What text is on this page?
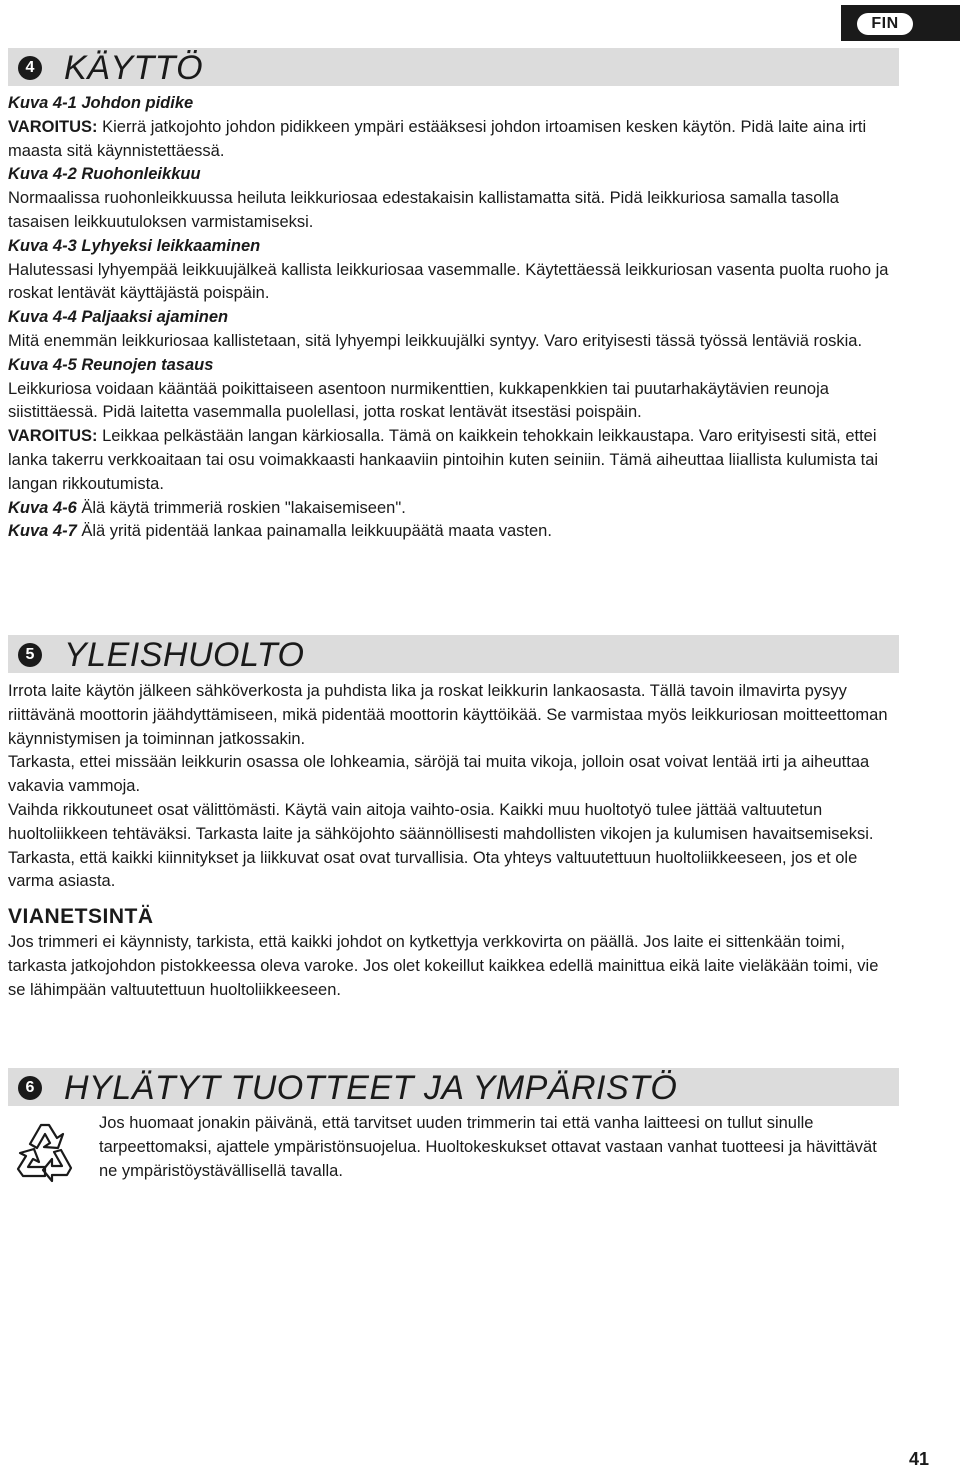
FIN
4 KÄYTTÖ

Kuva 4-1 Johdon pidike

VAROITUS: Kierrä jatkojohto johdon pidikkeen ympäri estääksesi johdon irtoamisen kesken käytön. Pidä laite aina irti maasta sitä käynnistettäessä.

Kuva 4-2 Ruohonleikkuu

Normaalissa ruohonleikkuussa heiluta leikkuriosaa edestakaisin kallistamatta sitä. Pidä leikkuriosa samalla tasolla tasaisen leikkuutuloksen varmistamiseksi.

Kuva 4-3 Lyhyeksi leikkaaminen

Halutessasi lyhyempää leikkuujälkeä kallista leikkuriosaa vasemmalle. Käytettäessä leikkuriosan vasenta puolta ruoho ja roskat lentävät käyttäjästä poispäin.

Kuva 4-4 Paljaaksi ajaminen

Mitä enemmän leikkuriosaa kallistetaan, sitä lyhyempi leikkuujälki syntyy. Varo erityisesti tässä työssä lentäviä roskia.

Kuva 4-5 Reunojen tasaus

Leikkuriosa voidaan kääntää poikittaiseen asentoon nurmikenttien, kukkapenkkien tai puutarhakäytävien reunoja siistittäessä. Pidä laitetta vasemmalla puolellasi, jotta roskat lentävät itsestäsi poispäin.

VAROITUS: Leikkaa pelkästään langan kärkiosalla. Tämä on kaikkein tehokkain leikkaustapa. Varo erityisesti sitä, ettei lanka takerru verkkoaitaan tai osu voimakkaasti hankaaviin pintoihin kuten seiniin. Tämä aiheuttaa liiallista kulumista tai langan rikkoutumista.

Kuva 4-6 Älä käytä trimmeriä roskien "lakaisemiseen".

Kuva 4-7 Älä yritä pidentää lankaa painamalla leikkuupäätä maata vasten.

5 YLEISHUOLTO

Irrota laite käytön jälkeen sähköverkosta ja puhdista lika ja roskat leikkurin lankaosasta. Tällä tavoin ilmavirta pysyy riittävänä moottorin jäähdyttämiseen, mikä pidentää moottorin käyttöikää. Se varmistaa myös leikkuriosan moitteettoman käynnistymisen ja toiminnan jatkossakin.

Tarkasta, ettei missään leikkurin osassa ole lohkeamia, säröjä tai muita vikoja, jolloin osat voivat lentää irti ja aiheuttaa vakavia vammoja.

Vaihda rikkoutuneet osat välittömästi. Käytä vain aitoja vaihto-osia. Kaikki muu huoltotyö tulee jättää valtuutetun huoltoliikkeen tehtäväksi. Tarkasta laite ja sähköjohto säännöllisesti mahdollisten vikojen ja kulumisen havaitsemiseksi. Tarkasta, että kaikki kiinnitykset ja liikkuvat osat ovat turvallisia. Ota yhteys valtuutettuun huoltoliikkeeseen, jos et ole varma asiasta.

VIANETSINTÄ

Jos trimmeri ei käynnisty, tarkista, että kaikki johdot on kytkettyja verkkovirta on päällä. Jos laite ei sittenkään toimi, tarkasta jatkojohdon pistokkeessa oleva varoke. Jos olet kokeillut kaikkea edellä mainittua eikä laite vieläkään toimi, vie se lähimpään valtuutettuun huoltoliikkeeseen.

6 HYLÄTYT TUOTTEET JA YMPÄRISTÖ

Jos huomaat jonakin päivänä, että tarvitset uuden trimmerin tai että vanha laitteesi on tullut sinulle tarpeettomaksi, ajattele ympäristönsuojelua. Huoltokeskukset ottavat vastaan vanhat tuotteesi ja hävittävät ne ympäristöystävällisellä tavalla.

41
